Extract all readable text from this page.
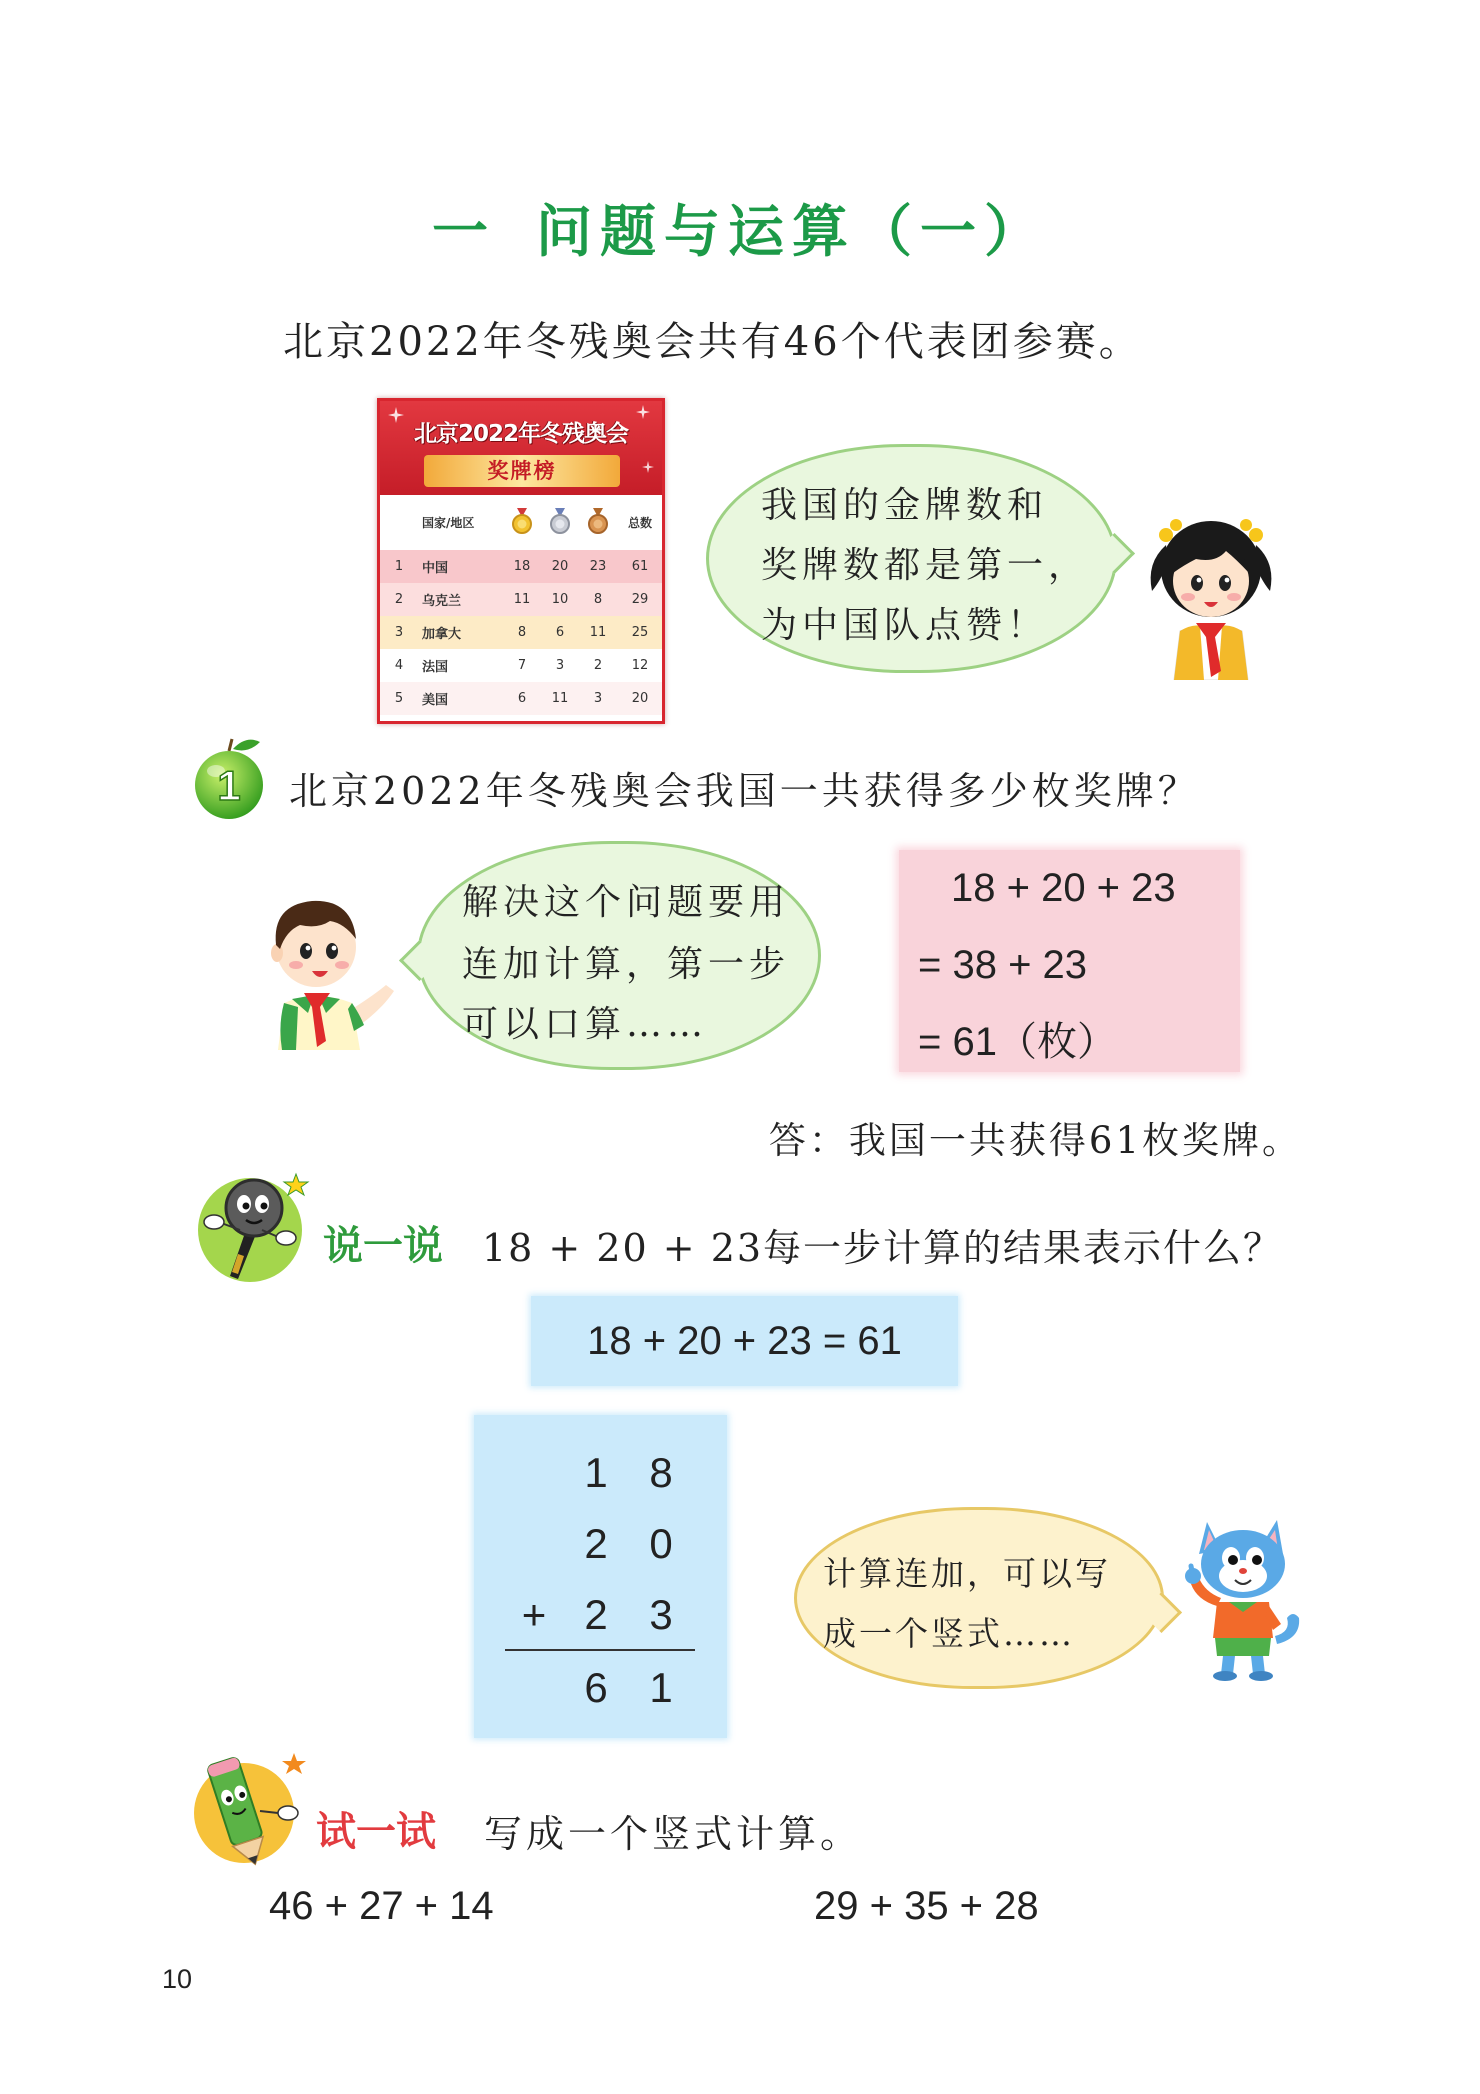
一 问题与运算（一）
北京2022年冬残奥会共有46个代表团参赛。
北京2022年冬残奥会
奖牌榜
国家/地区	总数
1	中国	18	20	23	61
2	乌克兰	11	10	8	29
3	加拿大	8	6	11	25
4	法国	7	3	2	12
5	美国	6	11	3	20
我国的金牌数和
奖牌数都是第一，
为中国队点赞！
1 北京2022年冬残奥会我国一共获得多少枚奖牌？
解决这个问题要用
连加计算，第一步
可以口算……
18 + 20 + 23
= 38 + 23
= 61（枚）
答：我国一共获得61枚奖牌。
说一说 18 + 20 + 23每一步计算的结果表示什么？
18 + 20 + 23 = 61
1 8
2 0
+ 2 3
6 1
计算连加，可以写
成一个竖式……
试一试 写成一个竖式计算。
46 + 27 + 14	29 + 35 + 28
10
